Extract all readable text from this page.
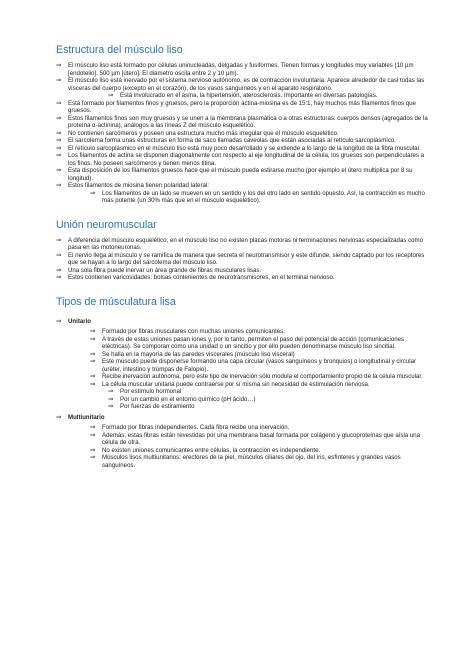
Estructura del músculo liso
⇒ El músculo liso está formado por células uninucleadas, delgadas y fusiformes. Tienen formas y longitudes muy variables (10 µm [endotelio], 500 µm [útero]. El diámetro oscila entre 2 y 10 µm).
⇒ El músculo liso está inervado por el sistema nervioso autónomo, es de contracción involuntaria. Aparece alrededor de casi todas las vísceras del cuerpo (excepto en el corazón), de los vasos sanguíneos y en el aparato respiratorio.
⇒ Está involucrado en el asma, la hipertensión, aterosclerosis. Importante en diversas patologías.
⇒ Está formado por filamentos finos y gruesos, pero la proporción actina-miosina es de 15:1, hay muchos más filamentos finos que gruesos.
⇒ Estos filamentos finos son muy gruesos y se unen a la membrana plasmática o a otras estructuras: cuerpos densos (agregados de la proteína α-actinina), análogos a las líneas Z del músculo esquelético.
⇒ No contienen sarcómeros y poseen una estructura mucho más irregular que el músculo esquelético.
⇒ El sarcolema forma unas estructuras en forma de saco llamadas caveolas que están asociadas al retículo sarcoplásmico.
⇒ El retículo sarcoplásmico en el músculo liso está muy poco desarrollado y se extiende a lo largo de la longitud de la fibra muscular.
⇒ Los filamentos de actina se disponen diagonalmente con respecto al eje longitudinal de la célula, los gruesos son perpendiculares a los finos. No poseen sarcómeros y tienen menos titina.
⇒ Esta disposición de los filamentos gruesos hace que el músculo pueda estirarse mucho (por ejemplo el útero multiplica por 8 su longitud).
⇒ Estos filamentos de miosina tienen polaridad lateral:
⇒ Los filamentos de un lado se mueven en un sentido y los del otro lado en sentido opuesto. Así, la contracción es mucho más potente (un 30% más que en el músculo esquelético).
Unión neuromuscular
⇒ A diferencia del músculo esquelético, en el músculo liso no existen placas motoras ni terminaciones nerviosas especializadas como pasa en las motoneuronas.
⇒ El nervio llega al músculo y se ramifica de manera que secreta el neurotransmisor y este difunde, siendo captado por los receptores que se hayan a lo largo del sarcolema del músculo liso.
⇒ Una sola fibra puede inervar un área grande de fibras musculares lisas.
⇒ Estos contienen varicosidades: bolsas contenientes de neurotransmisores, en el terminal nervioso.
Tipos de músculatura lisa
⇒ Unitario
⇒ Formado por fibras musculares con muchas uniones comunicantes.
⇒ A través de estas uniones pasan iones y, por lo tanto, permiten el paso del potencial de acción (comunicaciones eléctricas). Se comporan como una unidad o un sincitio y por ello pueden denominarse músculo liso sincitial.
⇒ Se halla en la mayoría de las paredes viscerales (músculo liso visceral)
⇒ Este músculo puede disponerse formando una capa circular (vasos sanguíneos y bronquios) o longitudinal y circular (uréter, intestino y trompas de Falopio).
⇒ Recibe inervación autónoma, pero este tipo de inervación sólo modula el comportamiento propio de la célula muscular.
⇒ La célula muscular unitaria puede contraerse por sí misma sin necesidad de estimulación nerviosa.
⇒ Por estímulo hormonal
⇒ Por un cambio en el entorno químico (pH ácido…)
⇒ Por fuerzas de estiramiento
⇒ Multiunitario
⇒ Formado por fibras independientes. Cada fibra recibe una inervación.
⇒ Además, estas fibras están revestidas por una membrana basal formada por colágeno y glucoproteínas que aísla una célula de otra.
⇒ No existen uniones comunicantes entre células, la contracción es independiente.
⇒ Músculos lisos multiunitarios: erectores de la piel, músculos ciliares del ojo, del iris, esfínteres y grandes vasos sanguíneos.
